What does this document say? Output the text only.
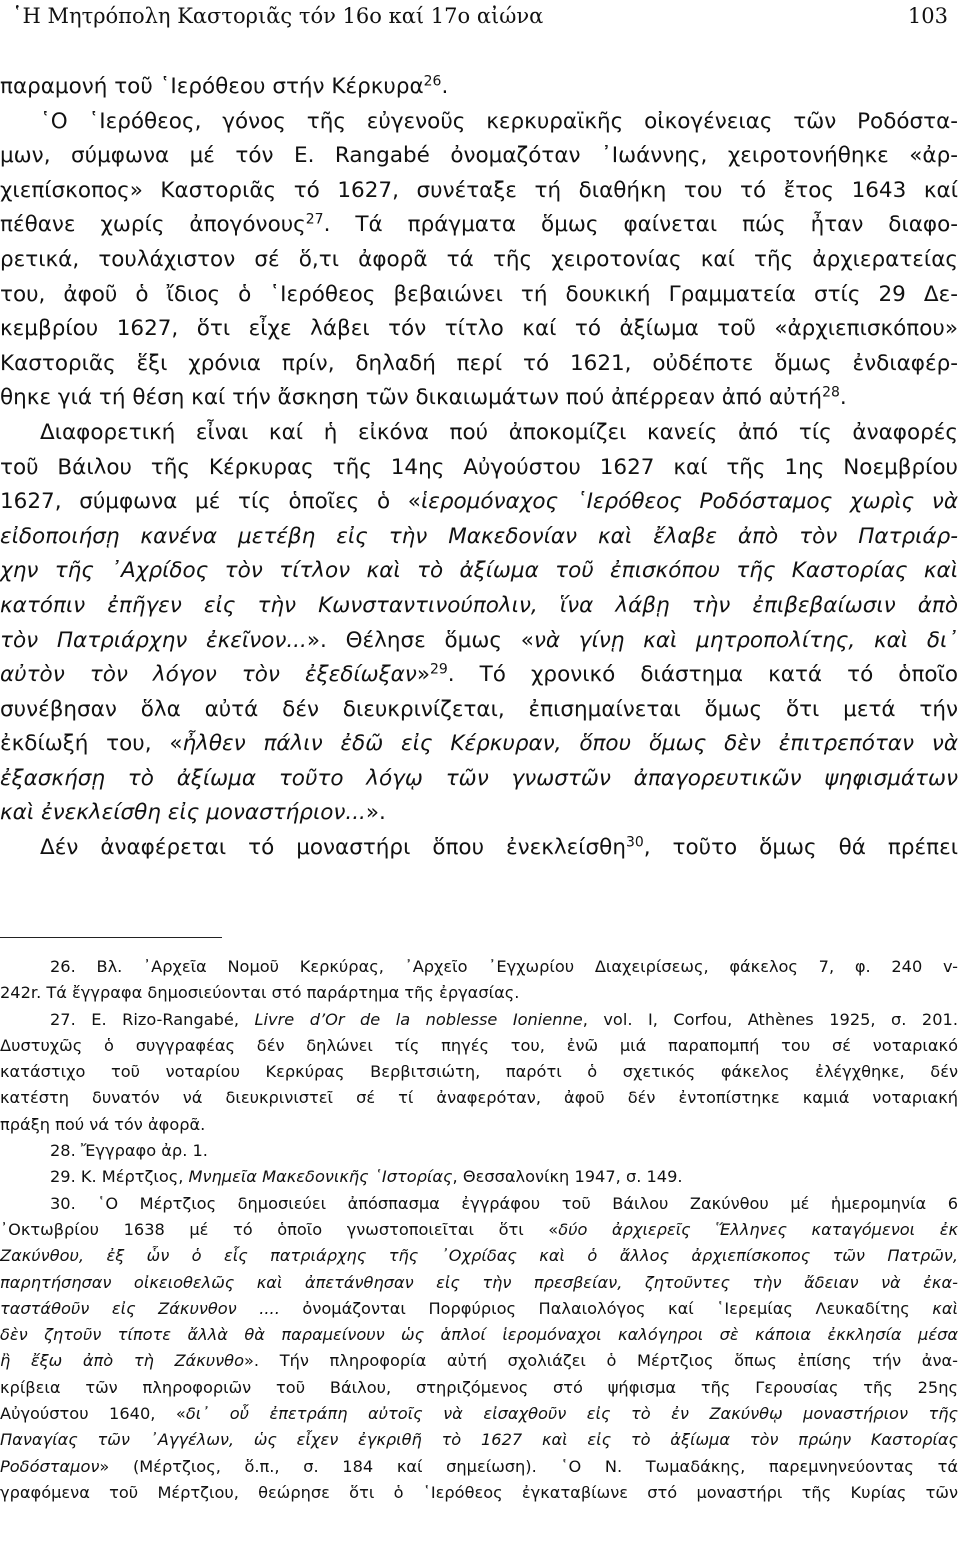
῾Η Μητρόπολη Καστοριᾶς τόν 16ο καί 17ο αἰώνα	103
παραμονή τοῦ ῾Ιερόθεου στήν Κέρκυρα$^{26}$.
῾Ο ῾Ιερόθεος, γόνος τῆς εὐγενοῦς κερκυραϊκῆς οἰκογένειας τῶν Ροδόστα-
μων, σύμφωνα μέ τόν Ε. Rangabé ὀνομαζόταν ᾿Ιωάννης, χειροτονήθηκε «ἀρ-
χιεπίσκοπος» Καστοριᾶς τό 1627, συνέταξε τή διαθήκη του τό ἔτος 1643 καί
πέθανε χωρίς ἀπογόνους$^{27}$. Τά πράγματα ὅμως φαίνεται πώς ἦταν διαφο-
ρετικά, τουλάχιστον σέ ὅ,τι ἀφορᾶ τά τῆς χειροτονίας καί τῆς ἀρχιερατείας
του, ἀφοῦ ὁ ἴδιος ὁ ῾Ιερόθεος βεβαιώνει τή δουκική Γραμματεία στίς 29 Δε-
κεμβρίου 1627, ὅτι εἶχε λάβει τόν τίτλο καί τό ἀξίωμα τοῦ «ἀρχιεπισκόπου»
Καστοριᾶς ἕξι χρόνια πρίν, δηλαδή περί τό 1621, οὐδέποτε ὅμως ἐνδιαφέρ-
θηκε γιά τή θέση καί τήν ἄσκηση τῶν δικαιωμάτων πού ἀπέρρεαν ἀπό αὐτή$^{28}$.
Διαφορετική εἶναι καί ἡ εἰκόνα πού ἀποκομίζει κανείς ἀπό τίς ἀναφορές
τοῦ Βάιλου τῆς Κέρκυρας τῆς 14ης Αὐγούστου 1627 καί τῆς 1ης Νοεμβρίου
1627, σύμφωνα μέ τίς ὁποῖες ὁ «ἱερομόναχος ῾Ιερόθεος Ροδόσταμος χωρὶς νὰ
εἰδοποιήσῃ κανένα μετέβη εἰς τὴν Μακεδονίαν καὶ ἔλαβε ἀπὸ τὸν Πατριάρ-
χην τῆς ᾿Αχρίδος τὸν τίτλον καὶ τὸ ἀξίωμα τοῦ ἐπισκόπου τῆς Καστορίας καὶ
κατόπιν ἐπῆγεν εἰς τὴν Κωνσταντινούπολιν, ἵνα λάβῃ τὴν ἐπιβεβαίωσιν ἀπὸ
τὸν Πατριάρχην ἐκεῖνον...». Θέλησε ὅμως «νὰ γίνῃ καὶ μητροπολίτης, καὶ δι᾿
αὐτὸν τὸν λόγον τὸν ἐξεδίωξαν»$^{29}$. Τό χρονικό διάστημα κατά τό ὁποῖο
συνέβησαν ὅλα αὐτά δέν διευκρινίζεται, ἐπισημαίνεται ὅμως ὅτι μετά τήν
ἐκδίωξή του, «ἦλθεν πάλιν ἐδῶ εἰς Κέρκυραν, ὅπου ὅμως δὲν ἐπιτρεπόταν νὰ
ἐξασκήσῃ τὸ ἀξίωμα τοῦτο λόγῳ τῶν γνωστῶν ἀπαγορευτικῶν ψηφισμάτων
καὶ ἐνεκλείσθη εἰς μοναστήριον...».
Δέν ἀναφέρεται τό μοναστήρι ὅπου ἐνεκλείσθη$^{30}$, τοῦτο ὅμως θά πρέπει
26. Βλ. ᾿Αρχεῖα Νομοῦ Κερκύρας, ᾿Αρχεῖο ᾿Εγχωρίου Διαχειρίσεως, φάκελος 7, φ. 240 v-
242r. Τά ἔγγραφα δημοσιεύονται στό παράρτημα τῆς ἐργασίας.
27. E. Rizo-Rangabé, Livre d’Or de la noblesse Ionienne, vol. I, Corfou, Athènes 1925, σ. 201.
Δυστυχῶς ὁ συγγραφέας δέν δηλώνει τίς πηγές του, ἐνῶ μιά παραπομπή του σέ νοταριακό
κατάστιχο τοῦ νοταρίου Κερκύρας Βερβιτσιώτη, παρότι ὁ σχετικός φάκελος ἐλέγχθηκε, δέν
κατέστη δυνατόν νά διευκρινιστεῖ σέ τί ἀναφερόταν, ἀφοῦ δέν ἐντοπίστηκε καμιά νοταριακή
πράξη πού νά τόν ἀφορᾶ.
28. Ἔγγραφο ἀρ. 1.
29. Κ. Μέρτζιος, Μνημεῖα Μακεδονικῆς ῾Ιστορίας, Θεσσαλονίκη 1947, σ. 149.
30. ῾Ο Μέρτζιος δημοσιεύει ἀπόσπασμα ἐγγράφου τοῦ Βάιλου Ζακύνθου μέ ἡμερομηνία 6
᾿Οκτωβρίου 1638 μέ τό ὁποῖο γνωστοποιεῖται ὅτι «δύο ἀρχιερεῖς Ἕλληνες καταγόμενοι ἐκ
Ζακύνθου, ἐξ ὧν ὁ εἷς πατριάρχης τῆς ᾿Οχρίδας καὶ ὁ ἄλλος ἀρχιεπίσκοπος τῶν Πατρῶν,
παρητήσησαν οἰκειοθελῶς καὶ ἀπετάνθησαν εἰς τὴν πρεσβείαν, ζητοῦντες τὴν ἄδειαν νὰ ἐκα-
ταστάθοῦν εἰς Ζάκυνθον .... ὀνομάζονται Πορφύριος Παλαιολόγος καί ῾Ιερεμίας Λευκαδίτης καὶ
δὲν ζητοῦν τίποτε ἄλλὰ θὰ παραμείνουν ὡς ἁπλοί ἱερομόναχοι καλόγηροι σὲ κάποια ἐκκλησία μέσα
ἢ ἔξω ἀπὸ τὴ Ζάκυνθο». Τήν πληροφορία αὐτή σχολιάζει ὁ Μέρτζιος ὅπως ἐπίσης τήν ἀνα-
κρίβεια τῶν πληροφοριῶν τοῦ Βάιλου, στηριζόμενος στό ψήφισμα τῆς Γερουσίας τῆς 25ης
Αὐγούστου 1640, «δι᾿ οὗ ἐπετράπη αὐτοῖς νὰ εἰσαχθοῦν εἰς τὸ ἐν Ζακύνθῳ μοναστήριον τῆς
Παναγίας τῶν ᾿Αγγέλων, ὡς εἶχεν ἐγκριθῆ τὸ 1627 καὶ εἰς τὸ ἀξίωμα τὸν πρώην Καστορίας
Ροδόσταμον» (Μέρτζιος, ὅ.π., σ. 184 καί σημείωση). ῾Ο Ν. Τωμαδάκης, παρεμνηνεύοντας τά
γραφόμενα τοῦ Μέρτζιου, θεώρησε ὅτι ὁ ῾Ιερόθεος ἐγκαταβίωνε στό μοναστήρι τῆς Κυρίας τῶν
